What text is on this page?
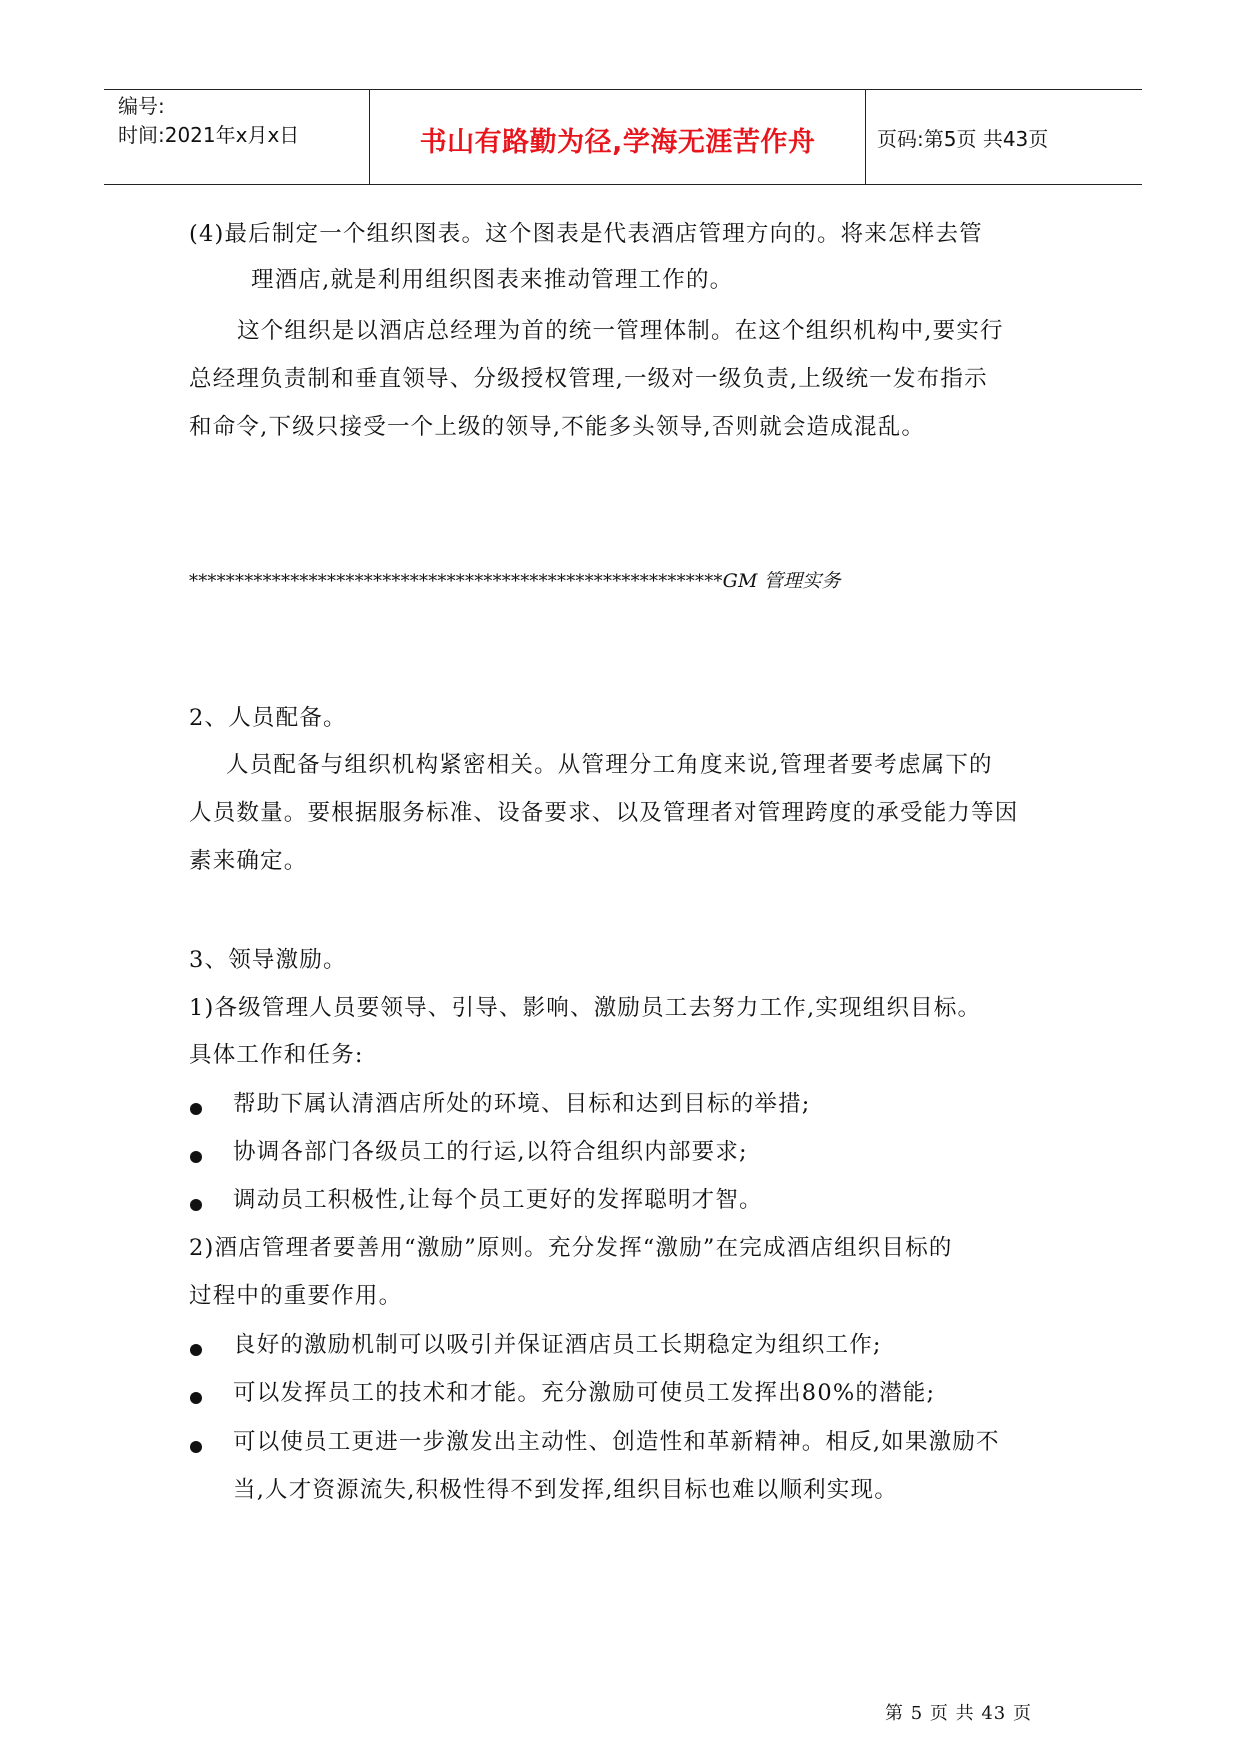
编号:
时间:2021年x月x日	书山有路勤为径,学海无涯苦作舟	页码:第5页 共43页
(4)最后制定一个组织图表。这个图表是代表酒店管理方向的。将来怎样去管
理酒店,就是利用组织图表来推动管理工作的。
这个组织是以酒店总经理为首的统一管理体制。在这个组织机构中,要实行
总经理负责制和垂直领导、分级授权管理,一级对一级负责,上级统一发布指示
和命令,下级只接受一个上级的领导,不能多头领导,否则就会造成混乱。
**********************************************************GM 管理实务
2、人员配备。
人员配备与组织机构紧密相关。从管理分工角度来说,管理者要考虑属下的
人员数量。要根据服务标准、设备要求、以及管理者对管理跨度的承受能力等因
素来确定。
3、领导激励。
1)各级管理人员要领导、引导、影响、激励员工去努力工作,实现组织目标。
具体工作和任务:
帮助下属认清酒店所处的环境、目标和达到目标的举措;
协调各部门各级员工的行运,以符合组织内部要求;
调动员工积极性,让每个员工更好的发挥聪明才智。
2)酒店管理者要善用“激励”原则。充分发挥“激励”在完成酒店组织目标的
过程中的重要作用。
良好的激励机制可以吸引并保证酒店员工长期稳定为组织工作;
可以发挥员工的技术和才能。充分激励可使员工发挥出80%的潜能;
可以使员工更进一步激发出主动性、创造性和革新精神。相反,如果激励不
当,人才资源流失,积极性得不到发挥,组织目标也难以顺利实现。
第 5 页 共 43 页
